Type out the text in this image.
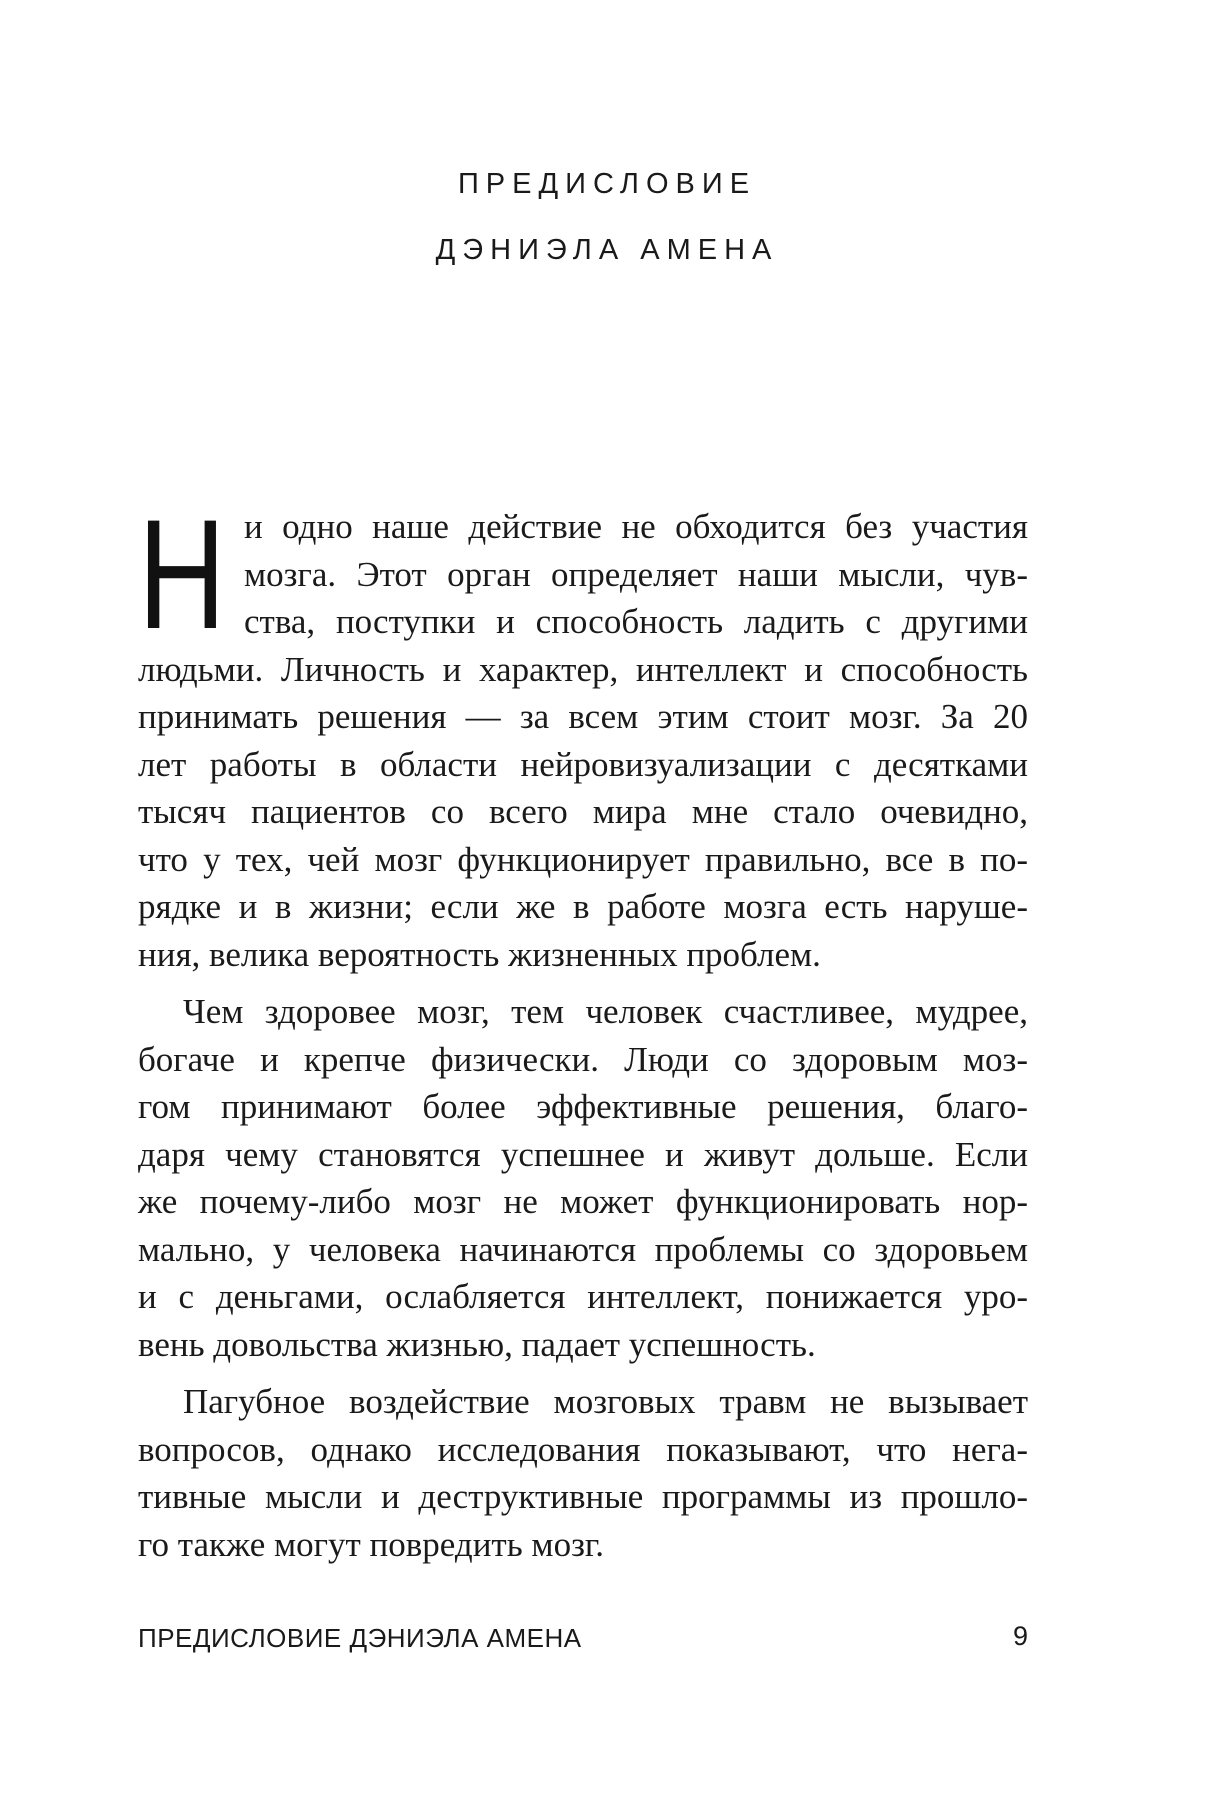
ПРЕДИСЛОВИЕ
ДЭНИЭЛА АМЕНА
Н и одно наше действие не обходится без участия
мозга. Этот орган определяет наши мысли, чув-
ства, поступки и способность ладить с другими
людьми. Личность и характер, интеллект и способность
принимать решения — за всем этим стоит мозг. За 20
лет работы в области нейровизуализации с десятками
тысяч пациентов со всего мира мне стало очевидно,
что у тех, чей мозг функционирует правильно, все в по-
рядке и в жизни; если же в работе мозга есть наруше-
ния, велика вероятность жизненных проблем.
Чем здоровее мозг, тем человек счастливее, мудрее,
богаче и крепче физически. Люди со здоровым моз-
гом принимают более эффективные решения, благо-
даря чему становятся успешнее и живут дольше. Если
же почему-либо мозг не может функционировать нор-
мально, у человека начинаются проблемы со здоровьем
и с деньгами, ослабляется интеллект, понижается уро-
вень довольства жизнью, падает успешность.
Пагубное воздействие мозговых травм не вызывает
вопросов, однако исследования показывают, что нега-
тивные мысли и деструктивные программы из прошло-
го также могут повредить мозг.
ПРЕДИСЛОВИЕ ДЭНИЭЛА АМЕНА	9
